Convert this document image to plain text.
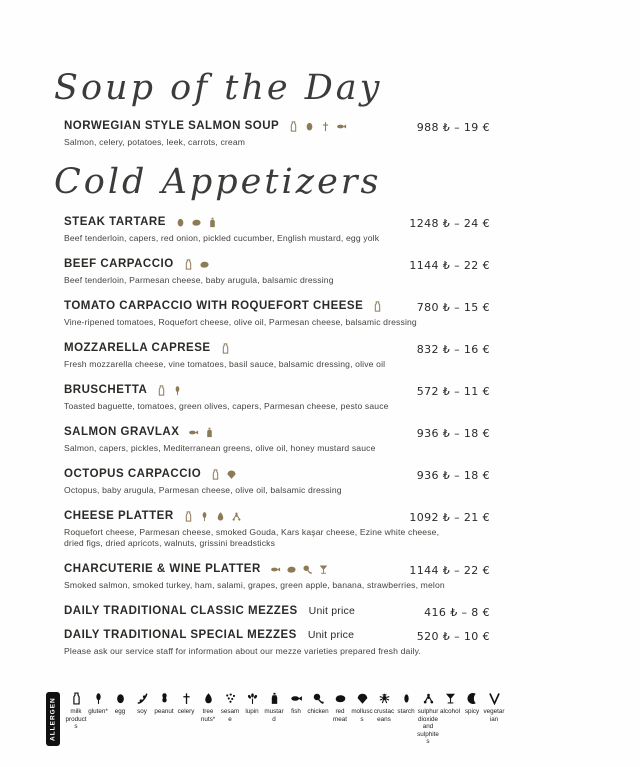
Soup of the Day
NORWEGIAN STYLE SALMON SOUP	988 ₺ – 19 €
Salmon, celery, potatoes, leek, carrots, cream
Cold Appetizers
STEAK TARTARE	1248 ₺ – 24 €
Beef tenderloin, capers, red onion, pickled cucumber, English mustard, egg yolk
BEEF CARPACCIO	1144 ₺ – 22 €
Beef tenderloin, Parmesan cheese, baby arugula, balsamic dressing
TOMATO CARPACCIO WITH ROQUEFORT CHEESE	780 ₺ – 15 €
Vine-ripened tomatoes, Roquefort cheese, olive oil, Parmesan cheese, balsamic dressing
MOZZARELLA CAPRESE	832 ₺ – 16 €
Fresh mozzarella cheese, vine tomatoes, basil sauce, balsamic dressing, olive oil
BRUSCHETTA	572 ₺ – 11 €
Toasted baguette, tomatoes, green olives, capers, Parmesan cheese, pesto sauce
SALMON GRAVLAX	936 ₺ – 18 €
Salmon, capers, pickles, Mediterranean greens, olive oil, honey mustard sauce
OCTOPUS CARPACCIO	936 ₺ – 18 €
Octopus, baby arugula, Parmesan cheese, olive oil, balsamic dressing
CHEESE PLATTER	1092 ₺ – 21 €
Roquefort cheese, Parmesan cheese, smoked Gouda, Kars kaşar cheese, Ezine white cheese, dried figs, dried apricots, walnuts, grissini breadsticks
CHARCUTERIE & WINE PLATTER	1144 ₺ – 22 €
Smoked salmon, smoked turkey, ham, salami, grapes, green apple, banana, strawberries, melon
DAILY TRADITIONAL CLASSIC MEZZES Unit price	416 ₺ – 8 €
DAILY TRADITIONAL SPECIAL MEZZES Unit price	520 ₺ – 10 €
Please ask our service staff for information about our mezze varieties prepared fresh daily.
ALLERGEN	milk products
gluten* egg soy peanut celery	tree nuts*
sesame
lupin mustard
fish chicken	red meat
molluscs
crustaceans
starch sulphur dioxide and sulphites
alcohol spicy vegetarian
